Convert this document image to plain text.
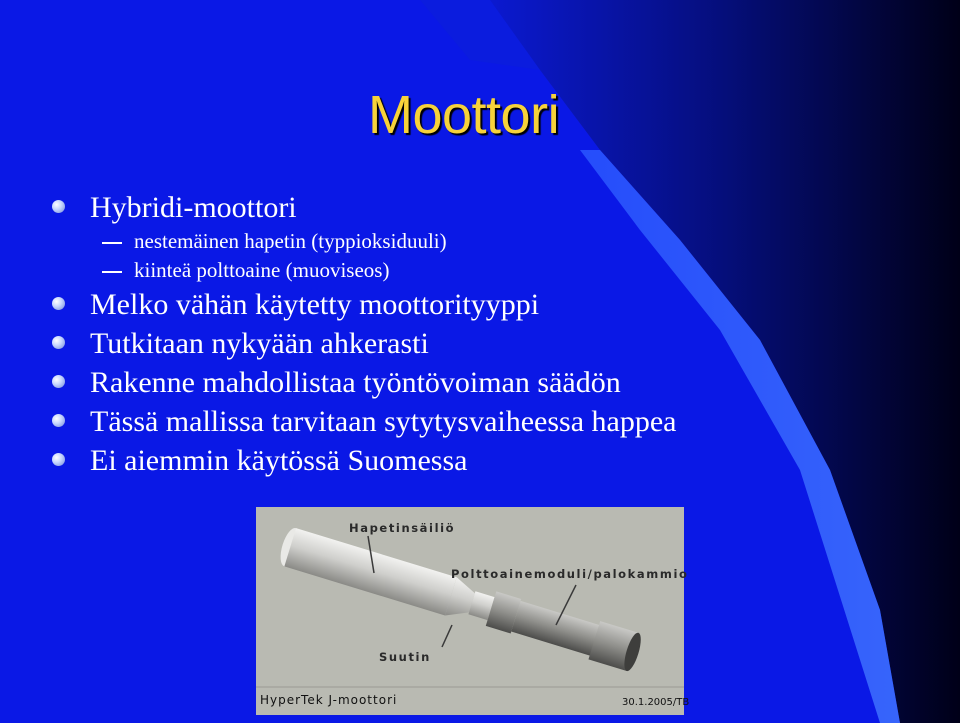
Moottori
Hybridi-moottori
nestemäinen hapetin (typpioksiduuli)
kiinteä polttoaine (muoviseos)
Melko vähän käytetty moottorityyppi
Tutkitaan nykyään ahkerasti
Rakenne mahdollistaa työntövoiman säädön
Tässä mallissa tarvitaan sytytysvaiheessa happea
Ei aiemmin käytössä Suomessa
Hapetinsäiliö
Polttoainemoduli/palokammio
Suutin
HyperTek J-moottori	30.1.2005/TB
